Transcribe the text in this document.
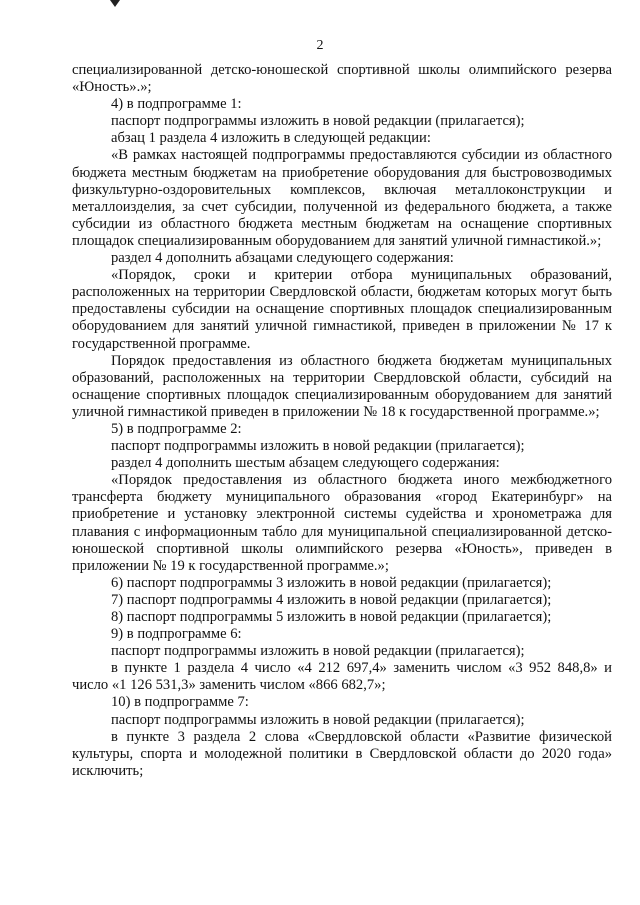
2

специализированной детско-юношеской спортивной школы олимпийского резерва «Юность».»;

4) в подпрограмме 1:

паспорт подпрограммы изложить в новой редакции (прилагается);

абзац 1 раздела 4 изложить в следующей редакции:

«В рамках настоящей подпрограммы предоставляются субсидии из областного бюджета местным бюджетам на приобретение оборудования для быстровозводимых физкультурно-оздоровительных комплексов, включая металлоконструкции и металлоизделия, за счет субсидии, полученной из федерального бюджета, а также субсидии из областного бюджета местным бюджетам на оснащение спортивных площадок специализированным оборудованием для занятий уличной гимнастикой.»;

раздел 4 дополнить абзацами следующего содержания:

«Порядок, сроки и критерии отбора муниципальных образований, расположенных на территории Свердловской области, бюджетам которых могут быть предоставлены субсидии на оснащение спортивных площадок специализированным оборудованием для занятий уличной гимнастикой, приведен в приложении № 17 к государственной программе.

Порядок предоставления из областного бюджета бюджетам муниципальных образований, расположенных на территории Свердловской области, субсидий на оснащение спортивных площадок специализированным оборудованием для занятий уличной гимнастикой приведен в приложении № 18 к государственной программе.»;

5) в подпрограмме 2:

паспорт подпрограммы изложить в новой редакции (прилагается);

раздел 4 дополнить шестым абзацем следующего содержания:

«Порядок предоставления из областного бюджета иного межбюджетного трансферта бюджету муниципального образования «город Екатеринбург» на приобретение и установку электронной системы судейства и хронометража для плавания с информационным табло для муниципальной специализированной детско-юношеской спортивной школы олимпийского резерва «Юность», приведен в приложении № 19 к государственной программе.»;

6) паспорт подпрограммы 3 изложить в новой редакции (прилагается);

7) паспорт подпрограммы 4 изложить в новой редакции (прилагается);

8) паспорт подпрограммы 5 изложить в новой редакции (прилагается);

9) в подпрограмме 6:

паспорт подпрограммы изложить в новой редакции (прилагается);

в пункте 1 раздела 4 число «4 212 697,4» заменить числом «3 952 848,8» и число «1 126 531,3» заменить числом «866 682,7»;

10) в подпрограмме 7:

паспорт подпрограммы изложить в новой редакции (прилагается);

в пункте 3 раздела 2 слова «Свердловской области «Развитие физической культуры, спорта и молодежной политики в Свердловской области до 2020 года» исключить;
